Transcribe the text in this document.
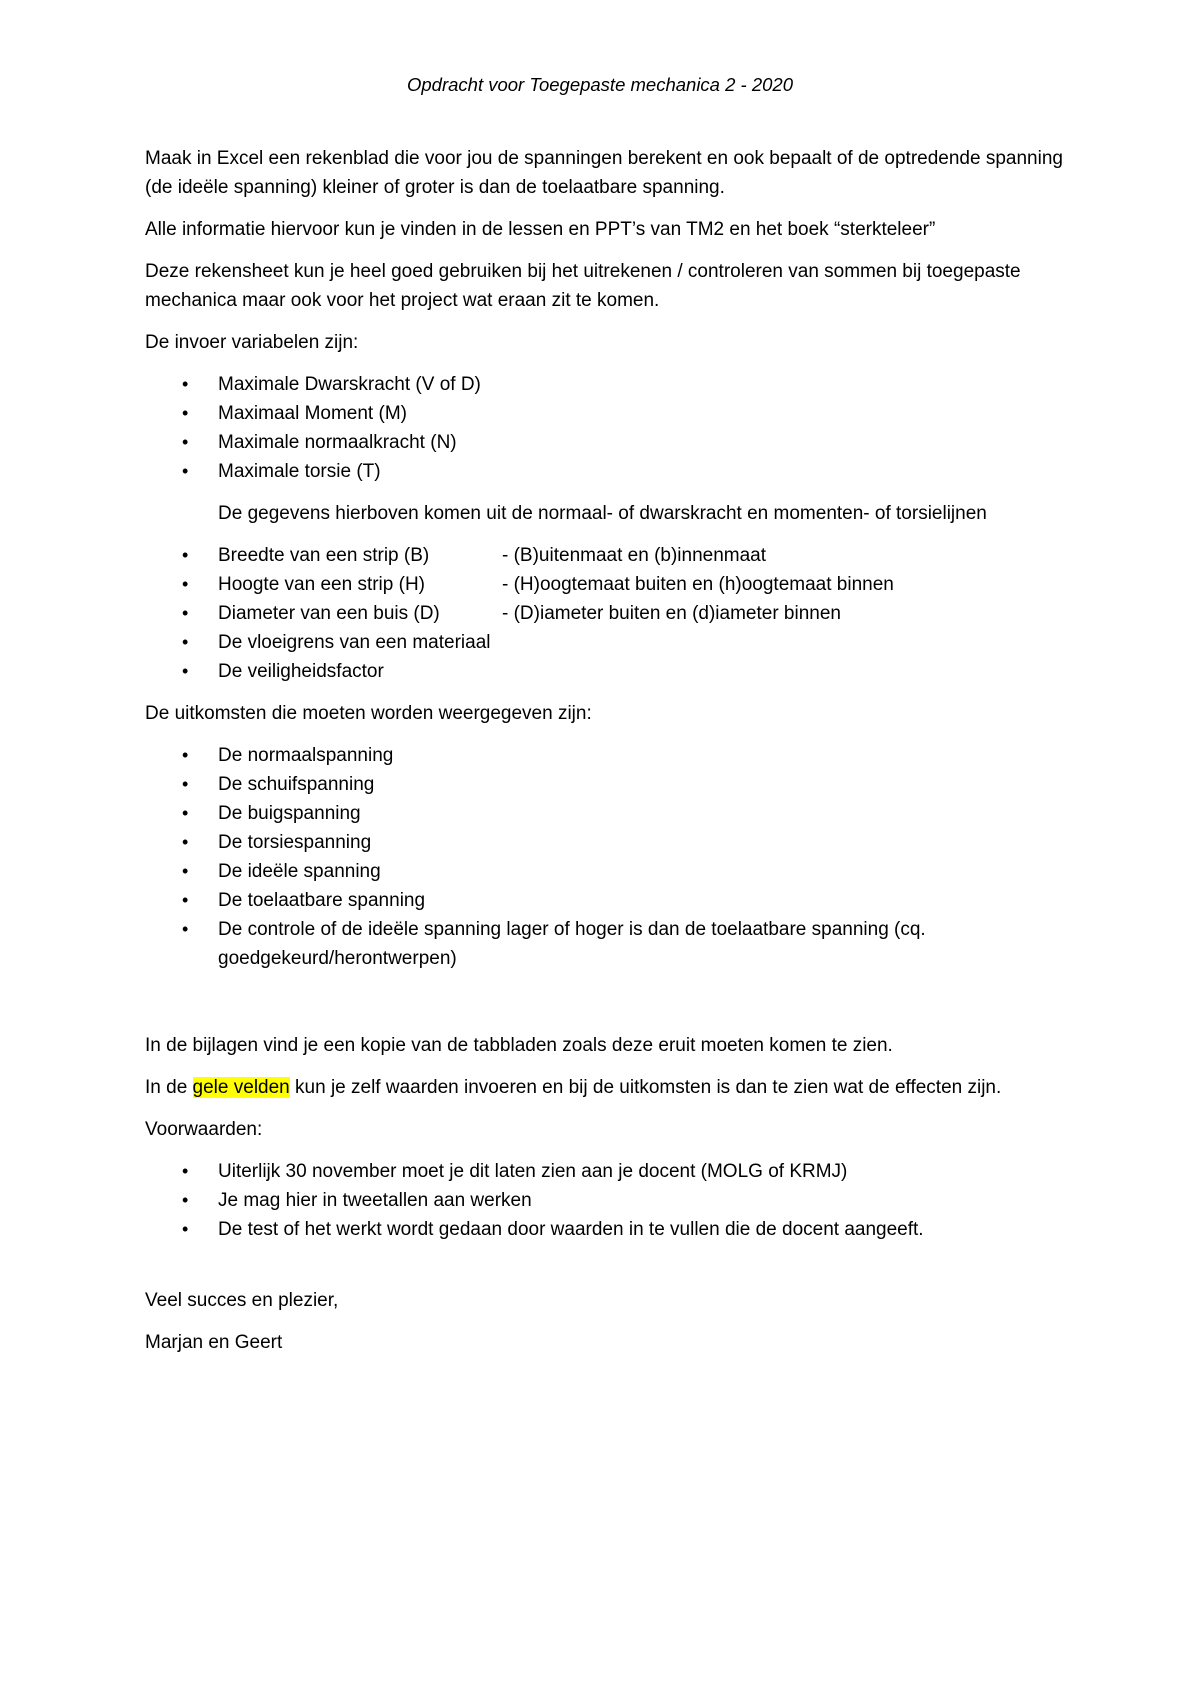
Opdracht voor Toegepaste mechanica 2 - 2020

Maak in Excel een rekenblad die voor jou de spanningen berekent en ook bepaalt of de optredende spanning (de ideële spanning) kleiner of groter is dan de toelaatbare spanning.

Alle informatie hiervoor kun je vinden in de lessen en PPT’s van TM2 en het boek “sterkteleer”

Deze rekensheet kun je heel goed gebruiken bij het uitrekenen / controleren van sommen bij toegepaste mechanica maar ook voor het project wat eraan zit te komen.

De invoer variabelen zijn:

• Maximale Dwarskracht (V of D)
• Maximaal Moment (M)
• Maximale normaalkracht (N)
• Maximale torsie (T)

De gegevens hierboven komen uit de normaal- of dwarskracht en momenten- of torsielijnen

• Breedte van een strip (B)	- (B)uitenmaat en (b)innenmaat
• Hoogte van een strip (H)	- (H)oogtemaat buiten en (h)oogtemaat binnen
• Diameter van een buis (D)	- (D)iameter buiten en (d)iameter binnen
• De vloeigrens van een materiaal
• De veiligheidsfactor

De uitkomsten die moeten worden weergegeven zijn:

• De normaalspanning
• De schuifspanning
• De buigspanning
• De torsiespanning
• De ideële spanning
• De toelaatbare spanning
• De controle of de ideële spanning lager of hoger is dan de toelaatbare spanning (cq. goedgekeurd/herontwerpen)

In de bijlagen vind je een kopie van de tabbladen zoals deze eruit moeten komen te zien.

In de gele velden kun je zelf waarden invoeren en bij de uitkomsten is dan te zien wat de effecten zijn.

Voorwaarden:

• Uiterlijk 30 november moet je dit laten zien aan je docent (MOLG of KRMJ)
• Je mag hier in tweetallen aan werken
• De test of het werkt wordt gedaan door waarden in te vullen die de docent aangeeft.

Veel succes en plezier,

Marjan en Geert
